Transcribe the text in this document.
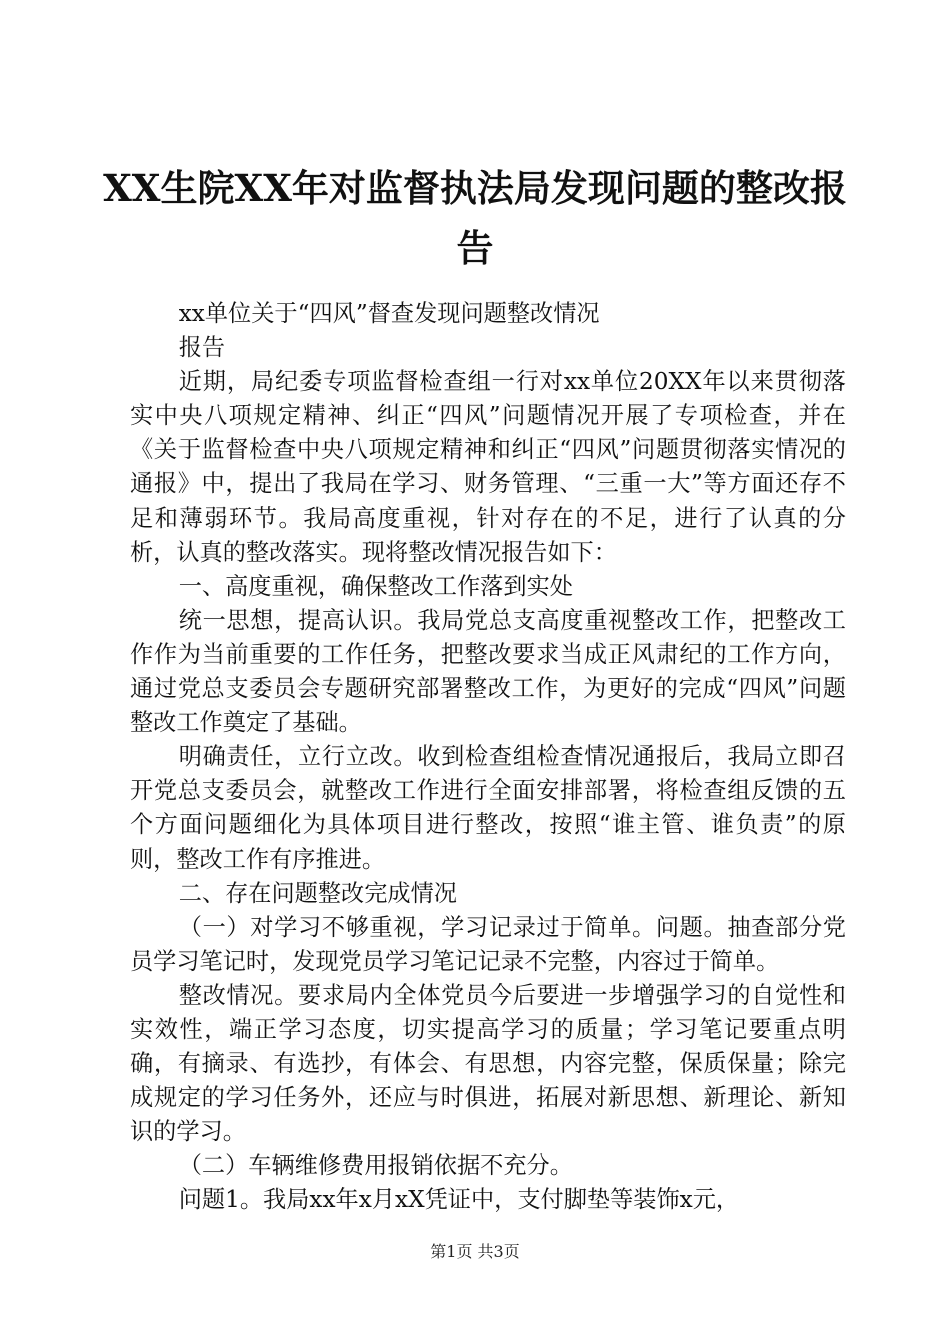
XX生院XX年对监督执法局发现问题的整改报
告

xx单位关于“四风”督查发现问题整改情况

报告

近期，局纪委专项监督检查组一行对xx单位20XX年以来贯彻落实中央八项规定精神、纠正“四风”问题情况开展了专项检查，并在《关于监督检查中央八项规定精神和纠正“四风”问题贯彻落实情况的通报》中，提出了我局在学习、财务管理、“三重一大”等方面还存不足和薄弱环节。我局高度重视，针对存在的不足，进行了认真的分析，认真的整改落实。现将整改情况报告如下：

一、高度重视，确保整改工作落到实处

统一思想，提高认识。我局党总支高度重视整改工作，把整改工作作为当前重要的工作任务，把整改要求当成正风肃纪的工作方向，通过党总支委员会专题研究部署整改工作，为更好的完成“四风”问题整改工作奠定了基础。

明确责任，立行立改。收到检查组检查情况通报后，我局立即召开党总支委员会，就整改工作进行全面安排部署，将检查组反馈的五个方面问题细化为具体项目进行整改，按照“谁主管、谁负责”的原则，整改工作有序推进。

二、存在问题整改完成情况

（一）对学习不够重视，学习记录过于简单。问题。抽查部分党员学习笔记时，发现党员学习笔记记录不完整，内容过于简单。

整改情况。要求局内全体党员今后要进一步增强学习的自觉性和实效性，端正学习态度，切实提高学习的质量；学习笔记要重点明确，有摘录、有选抄，有体会、有思想，内容完整，保质保量；除完成规定的学习任务外，还应与时俱进，拓展对新思想、新理论、新知识的学习。

（二）车辆维修费用报销依据不充分。

问题1。我局xx年x月xX凭证中，支付脚垫等装饰x元，

第1页 共3页
